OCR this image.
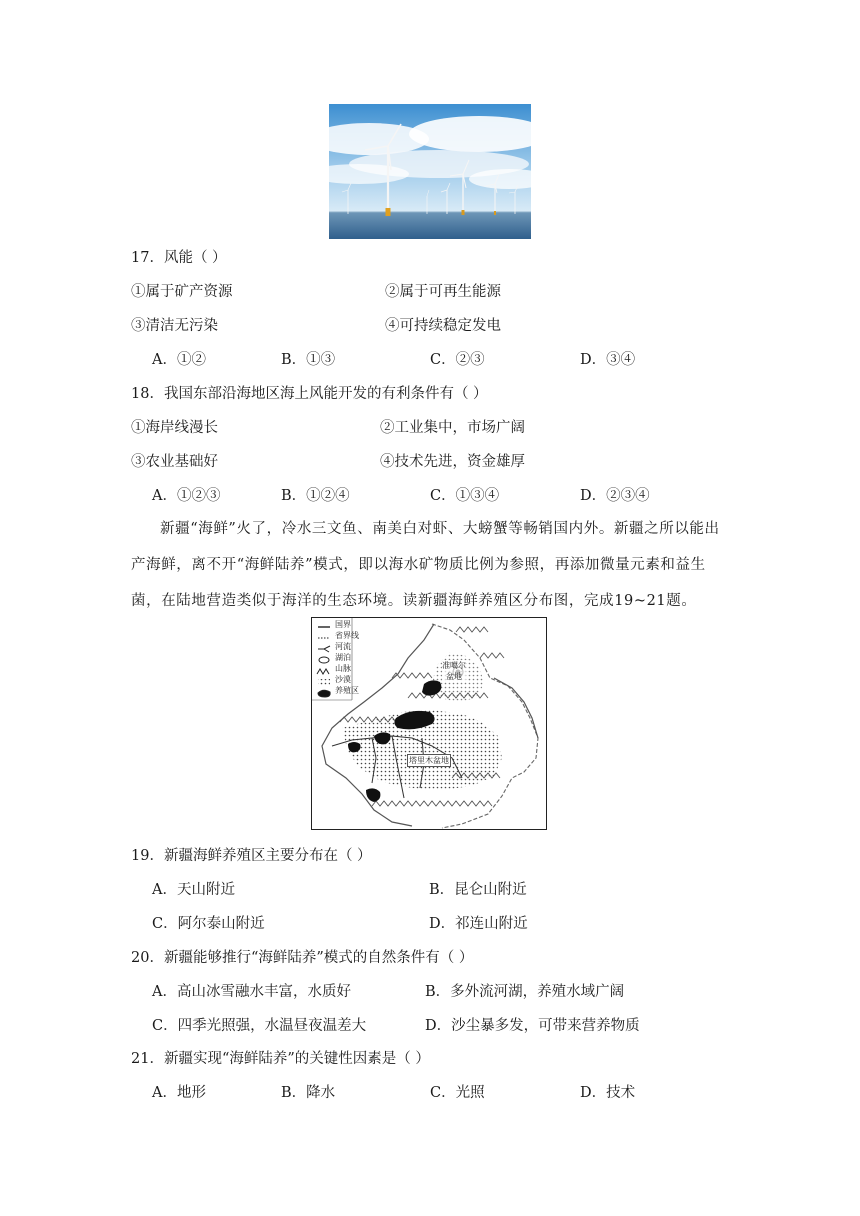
17．风能（ ）
①属于矿产资源	②属于可再生能源
③清洁无污染	④可持续稳定发电
A．①②	B．①③	C．②③	D．③④
18．我国东部沿海地区海上风能开发的有利条件有（ ）
①海岸线漫长	②工业集中，市场广阔
③农业基础好	④技术先进，资金雄厚
A．①②③	B．①②④	C．①③④	D．②③④
新疆“海鲜”火了，冷水三文鱼、南美白对虾、大螃蟹等畅销国内外。新疆之所以能出产海鲜，离不开“海鲜陆养”模式，即以海水矿物质比例为参照，再添加微量元素和益生菌，在陆地营造类似于海洋的生态环境。读新疆海鲜养殖区分布图，完成19~21题。
国界
省界线
河流
湖泊
山脉
沙漠
养殖区
准噶尔
盆地
塔里木盆地
19．新疆海鲜养殖区主要分布在（ ）
A．天山附近	B．昆仑山附近
C．阿尔泰山附近	D．祁连山附近
20．新疆能够推行“海鲜陆养”模式的自然条件有（ ）
A．高山冰雪融水丰富，水质好	B．多外流河湖，养殖水域广阔
C．四季光照强，水温昼夜温差大	D．沙尘暴多发，可带来营养物质
21．新疆实现“海鲜陆养”的关键性因素是（ ）
A．地形	B．降水	C．光照	D．技术
